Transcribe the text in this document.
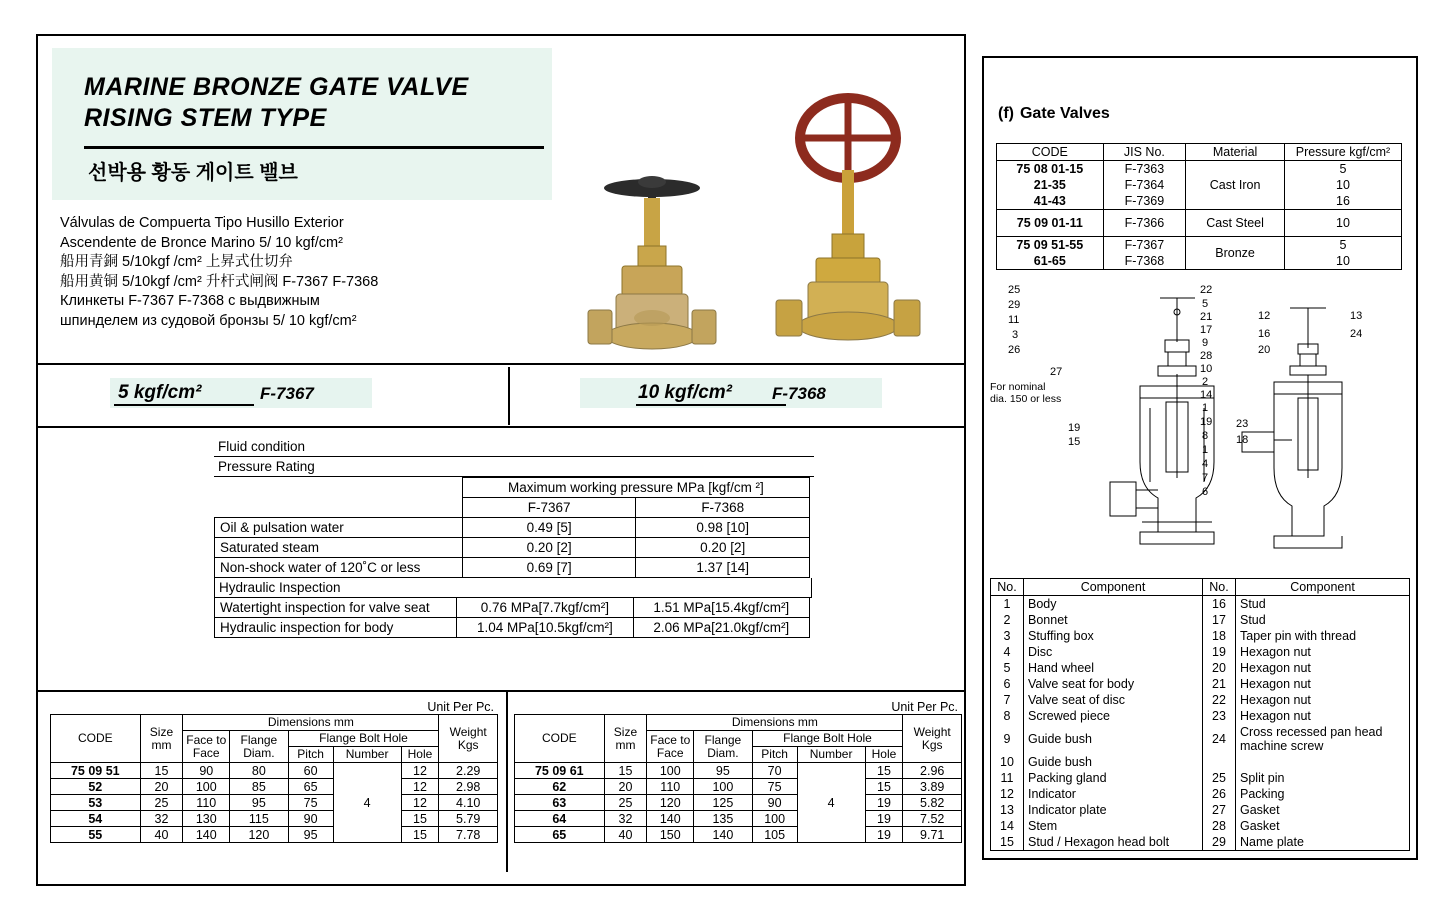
MARINE BRONZE GATE VALVE
RISING STEM TYPE
선박용 황동 게이트 밸브
Válvulas de Compuerta Tipo Husillo Exterior
Ascendente de Bronce Marino 5/ 10 kgf/cm²
船用青銅 5/10kgf /cm² 上昇式仕切弁
船用黄铜 5/10kgf /cm² 升杆式闸阀 F-7367 F-7368
Клинкеты F-7367 F-7368 с выдвижным
шпинделем из судовой бронзы 5/ 10 kgf/cm²
5 kgf/cm²	F-7367	10 kgf/cm²	F-7368
Fluid condition
Pressure Rating
	Maximum working pressure MPa [kgf/cm ²]	
	F-7367	F-7368
Oil & pulsation water	0.49 [5]	0.98 [10]
Saturated steam	0.20 [2]	0.20 [2]
Non-shock water of 120˚C or less	0.69 [7]	1.37 [14]
Hydraulic Inspection
Watertight inspection for valve seat	0.76 MPa[7.7kgf/cm²]	1.51 MPa[15.4kgf/cm²]
Hydraulic inspection for body	1.04 MPa[10.5kgf/cm²]	2.06 MPa[21.0kgf/cm²]
Unit Per Pc.
CODE	Size mm	Dimensions mm					Weight Kgs
		Face to Face	Flange Diam.	Flange Bolt Hole			
				Pitch	Number	Hole	
75 09 51	15	90	80	60	4	12	2.29
52	20	100	85	65		12	2.98
53	25	110	95	75		12	4.10
54	32	130	115	90		15	5.79
55	40	140	120	95		15	7.78
Unit Per Pc.
CODE	Size mm	Dimensions mm					Weight Kgs
		Face to Face	Flange Diam.	Flange Bolt Hole			
				Pitch	Number	Hole	
75 09 61	15	100	95	70	4	15	2.96
62	20	110	100	75		15	3.89
63	25	120	125	90		19	5.82
64	32	140	135	100		19	7.52
65	40	150	140	105		19	9.71
(f) Gate Valves
CODE	JIS No.	Material	Pressure kgf/cm²
75 08 01-15	F-7363	Cast Iron	5
21-35	F-7364		10
41-43	F-7369		16
75 09 01-11	F-7366	Cast Steel	10
75 09 51-55	F-7367	Bronze	5
61-65	F-7368		10
For nominal dia. 150 or less
25
29
11
3
26
27
19
15
22
5
21
17
9
28
10
2
14
1
19
8
1
4
7
6
12	13
16	24
20
23
18
No.	Component	No.	Component
1	Body	16	Stud
2	Bonnet	17	Stud
3	Stuffing box	18	Taper pin with thread
4	Disc	19	Hexagon nut
5	Hand wheel	20	Hexagon nut
6	Valve seat for body	21	Hexagon nut
7	Valve seat of disc	22	Hexagon nut
8	Screwed piece	23	Hexagon nut
9	Guide bush	24	Cross recessed pan head machine screw
10	Guide bush		
11	Packing gland	25	Split pin
12	Indicator	26	Packing
13	Indicator plate	27	Gasket
14	Stem	28	Gasket
15	Stud / Hexagon head bolt	29	Name plate
